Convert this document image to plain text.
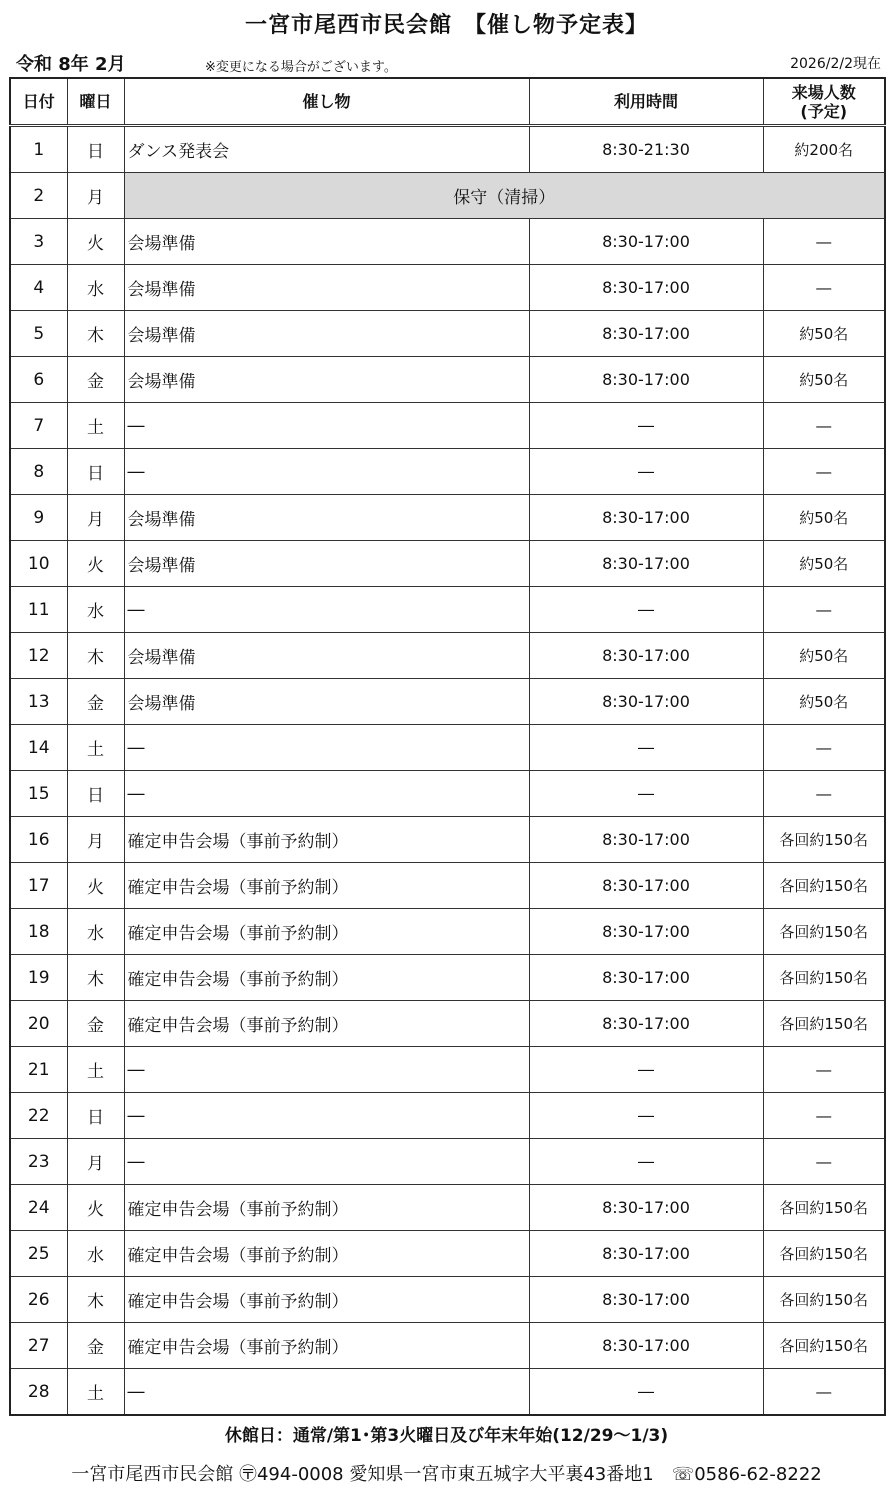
一宮市尾西市民会館　【催し物予定表】
令和 8年 2月	※変更になる場合がございます。	2026/2/2現在
日付	曜日	催し物	利用時間	来場人数
(予定)

1	日	ダンス発表会	8:30-21:30	約200名
2	月	保守（清掃）		
3	火	会場準備	8:30-17:00	―
4	水	会場準備	8:30-17:00	―
5	木	会場準備	8:30-17:00	約50名
6	金	会場準備	8:30-17:00	約50名
7	土	―	―	―
8	日	―	―	―
9	月	会場準備	8:30-17:00	約50名
10	火	会場準備	8:30-17:00	約50名
11	水	―	―	―
12	木	会場準備	8:30-17:00	約50名
13	金	会場準備	8:30-17:00	約50名
14	土	―	―	―
15	日	―	―	―
16	月	確定申告会場（事前予約制）	8:30-17:00	各回約150名
17	火	確定申告会場（事前予約制）	8:30-17:00	各回約150名
18	水	確定申告会場（事前予約制）	8:30-17:00	各回約150名
19	木	確定申告会場（事前予約制）	8:30-17:00	各回約150名
20	金	確定申告会場（事前予約制）	8:30-17:00	各回約150名
21	土	―	―	―
22	日	―	―	―
23	月	―	―	―
24	火	確定申告会場（事前予約制）	8:30-17:00	各回約150名
25	水	確定申告会場（事前予約制）	8:30-17:00	各回約150名
26	木	確定申告会場（事前予約制）	8:30-17:00	各回約150名
27	金	確定申告会場（事前予約制）	8:30-17:00	各回約150名
28	土	―	―	―
休館日：通常/第1･第3火曜日及び年末年始(12/29～1/3)
一宮市尾西市民会館 〶494-0008 愛知県一宮市東五城字大平裏43番地1　☏0586-62-8222
